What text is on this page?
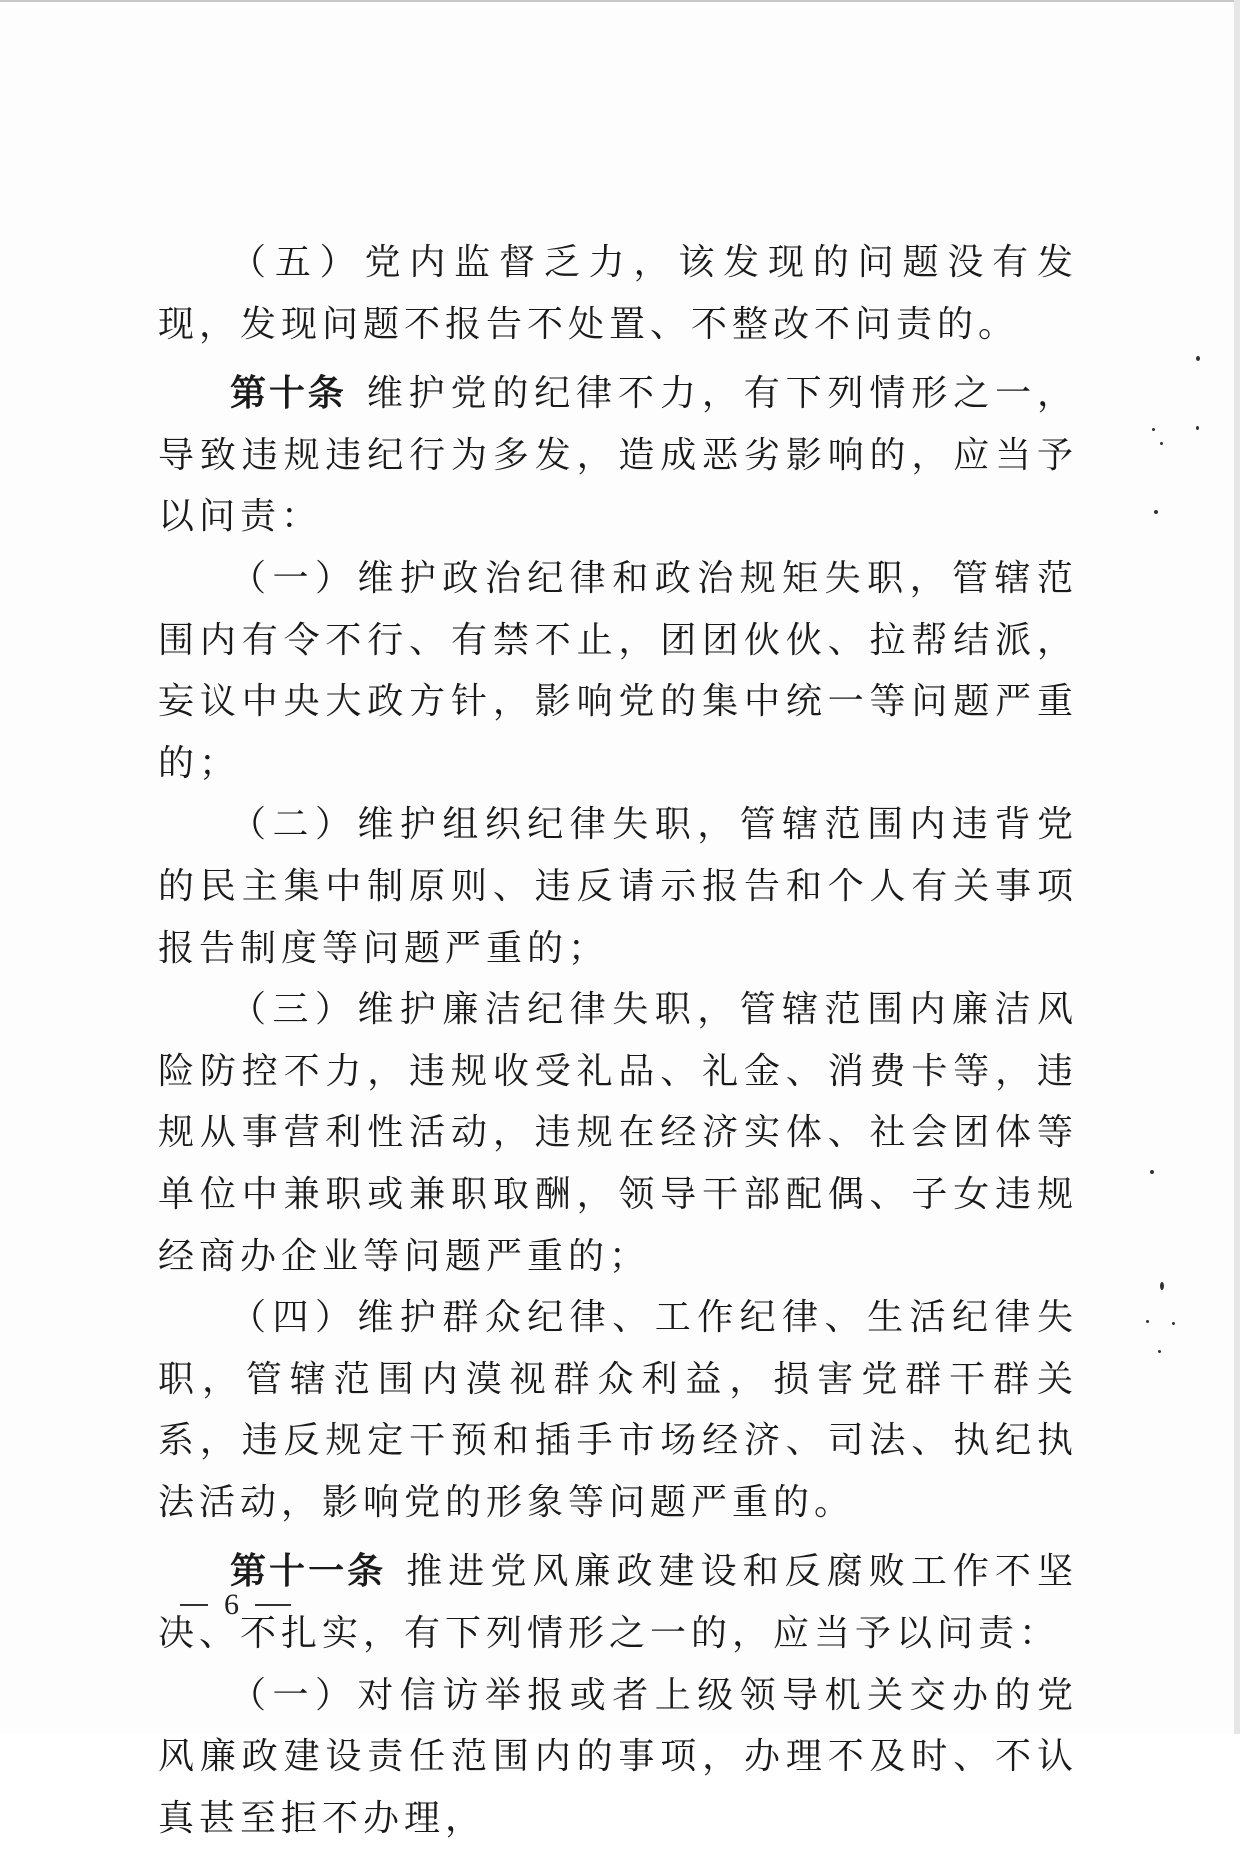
（五）党内监督乏力，该发现的问题没有发现，发现问题不报告不处置、不整改不问责的。

第十条 维护党的纪律不力，有下列情形之一，导致违规违纪行为多发，造成恶劣影响的，应当予以问责：

（一）维护政治纪律和政治规矩失职，管辖范围内有令不行、有禁不止，团团伙伙、拉帮结派，妄议中央大政方针，影响党的集中统一等问题严重的；

（二）维护组织纪律失职，管辖范围内违背党的民主集中制原则、违反请示报告和个人有关事项报告制度等问题严重的；

（三）维护廉洁纪律失职，管辖范围内廉洁风险防控不力，违规收受礼品、礼金、消费卡等，违规从事营利性活动，违规在经济实体、社会团体等单位中兼职或兼职取酬，领导干部配偶、子女违规经商办企业等问题严重的；

（四）维护群众纪律、工作纪律、生活纪律失职，管辖范围内漠视群众利益，损害党群干群关系，违反规定干预和插手市场经济、司法、执纪执法活动，影响党的形象等问题严重的。

第十一条 推进党风廉政建设和反腐败工作不坚决、不扎实，有下列情形之一的，应当予以问责：

（一）对信访举报或者上级领导机关交办的党风廉政建设责任范围内的事项，办理不及时、不认真甚至拒不办理，

6
